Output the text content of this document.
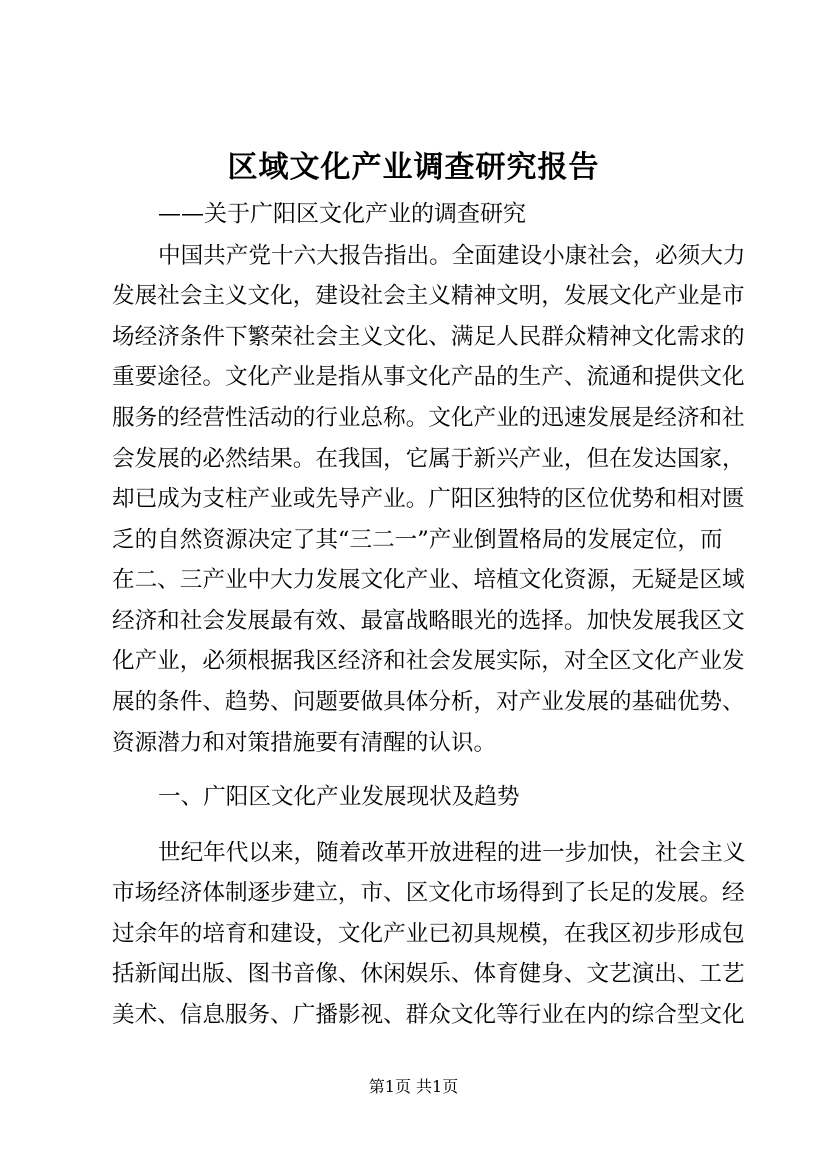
区域文化产业调查研究报告
——关于广阳区文化产业的调查研究
中国共产党十六大报告指出。全面建设小康社会，必须大力
发展社会主义文化，建设社会主义精神文明，发展文化产业是市
场经济条件下繁荣社会主义文化、满足人民群众精神文化需求的
重要途径。文化产业是指从事文化产品的生产、流通和提供文化
服务的经营性活动的行业总称。文化产业的迅速发展是经济和社
会发展的必然结果。在我国，它属于新兴产业，但在发达国家，
却已成为支柱产业或先导产业。广阳区独特的区位优势和相对匮
乏的自然资源决定了其“三二一”产业倒置格局的发展定位，而
在二、三产业中大力发展文化产业、培植文化资源，无疑是区域
经济和社会发展最有效、最富战略眼光的选择。加快发展我区文
化产业，必须根据我区经济和社会发展实际，对全区文化产业发
展的条件、趋势、问题要做具体分析，对产业发展的基础优势、
资源潜力和对策措施要有清醒的认识。
一、广阳区文化产业发展现状及趋势
世纪年代以来，随着改革开放进程的进一步加快，社会主义
市场经济体制逐步建立，市、区文化市场得到了长足的发展。经
过余年的培育和建设，文化产业已初具规模，在我区初步形成包
括新闻出版、图书音像、休闲娱乐、体育健身、文艺演出、工艺
美术、信息服务、广播影视、群众文化等行业在内的综合型文化
第1页 共1页
